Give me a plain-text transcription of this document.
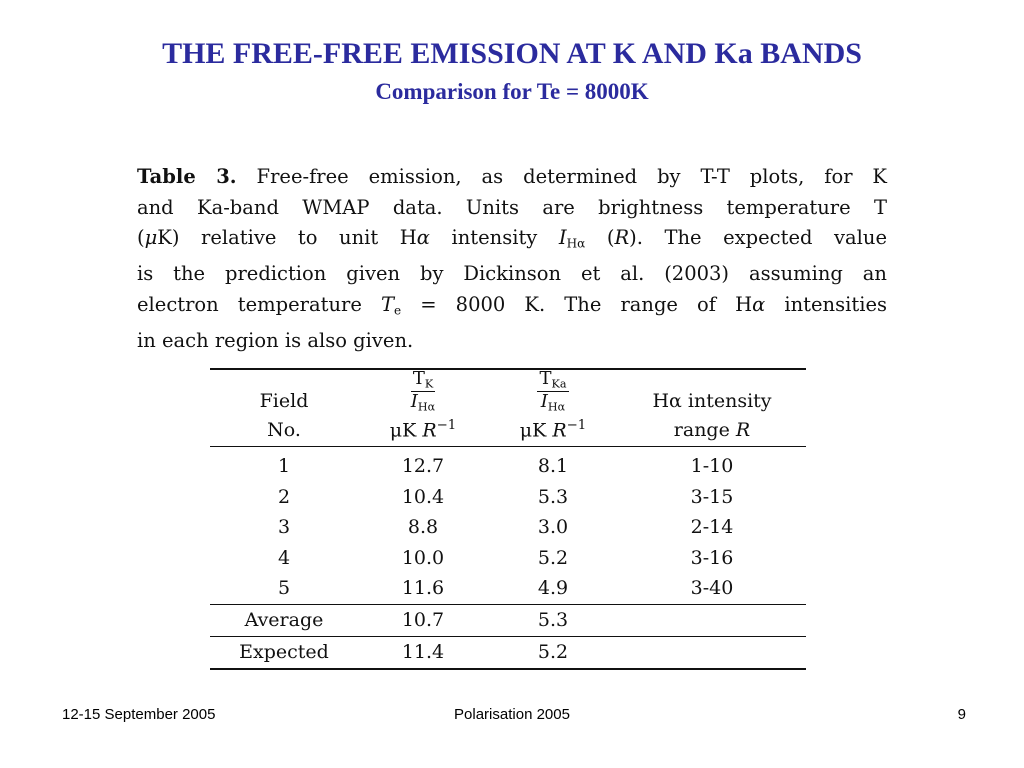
THE FREE-FREE EMISSION AT K AND Ka BANDS
Comparison for Te = 8000K
Table 3. Free-free emission, as determined by T-T plots, for K
and Ka-band WMAP data. Units are brightness temperature T
(μK) relative to unit Hα intensity $I_{H\alpha}$ (R). The expected value
is the prediction given by Dickinson et al. (2003) assuming an
electron temperature $T_e = 8000$ K. The range of Hα intensities
in each region is also given.
Field	$\frac{T_K}{I_{H\alpha}}$	$\frac{T_{Ka}}{I_{H\alpha}}$	Hα intensity
No.	μK $R^{-1}$	μK $R^{-1}$	range R
1	12.7	8.1	1-10
2	10.4	5.3	3-15
3	8.8	3.0	2-14
4	10.0	5.2	3-16
5	11.6	4.9	3-40
Average	10.7	5.3	
Expected	11.4	5.2	
12-15 September 2005	Polarisation 2005	9
